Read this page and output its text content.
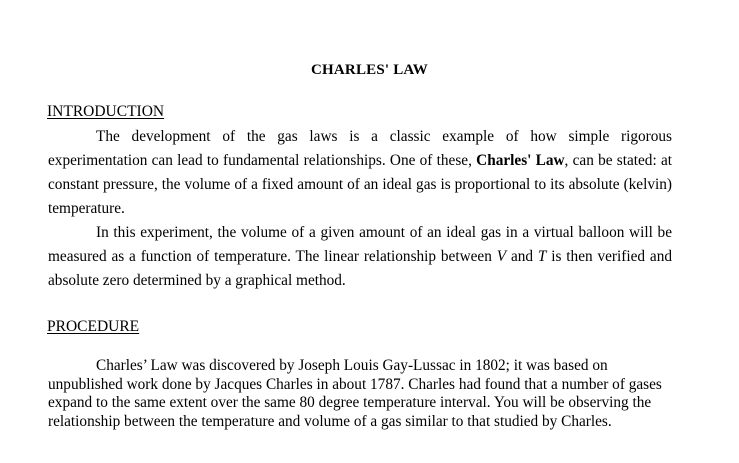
CHARLES' LAW
INTRODUCTION

The development of the gas laws is a classic example of how simple rigorous experimentation can lead to fundamental relationships. One of these, Charles' Law, can be stated: at constant pressure, the volume of a fixed amount of an ideal gas is proportional to its absolute (kelvin) temperature.

In this experiment, the volume of a given amount of an ideal gas in a virtual balloon will be measured as a function of temperature. The linear relationship between V and T is then verified and absolute zero determined by a graphical method.

PROCEDURE

Charles’ Law was discovered by Joseph Louis Gay-Lussac in 1802; it was based on unpublished work done by Jacques Charles in about 1787. Charles had found that a number of gases expand to the same extent over the same 80 degree temperature interval. You will be observing the relationship between the temperature and volume of a gas similar to that studied by Charles.
